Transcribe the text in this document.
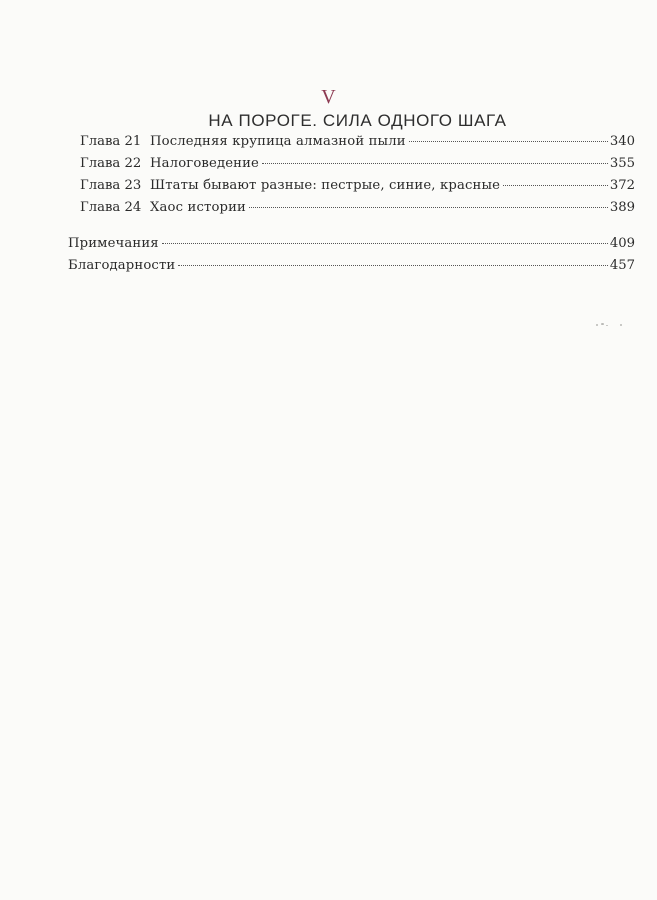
V
НА ПОРОГЕ. СИЛА ОДНОГО ШАГА
Глава 21 Последняя крупица алмазной пыли	340
Глава 22 Налоговедение	355
Глава 23 Штаты бывают разные: пестрые, синие, красные	372
Глава 24 Хаос истории	389
Примечания	409
Благодарности	457
